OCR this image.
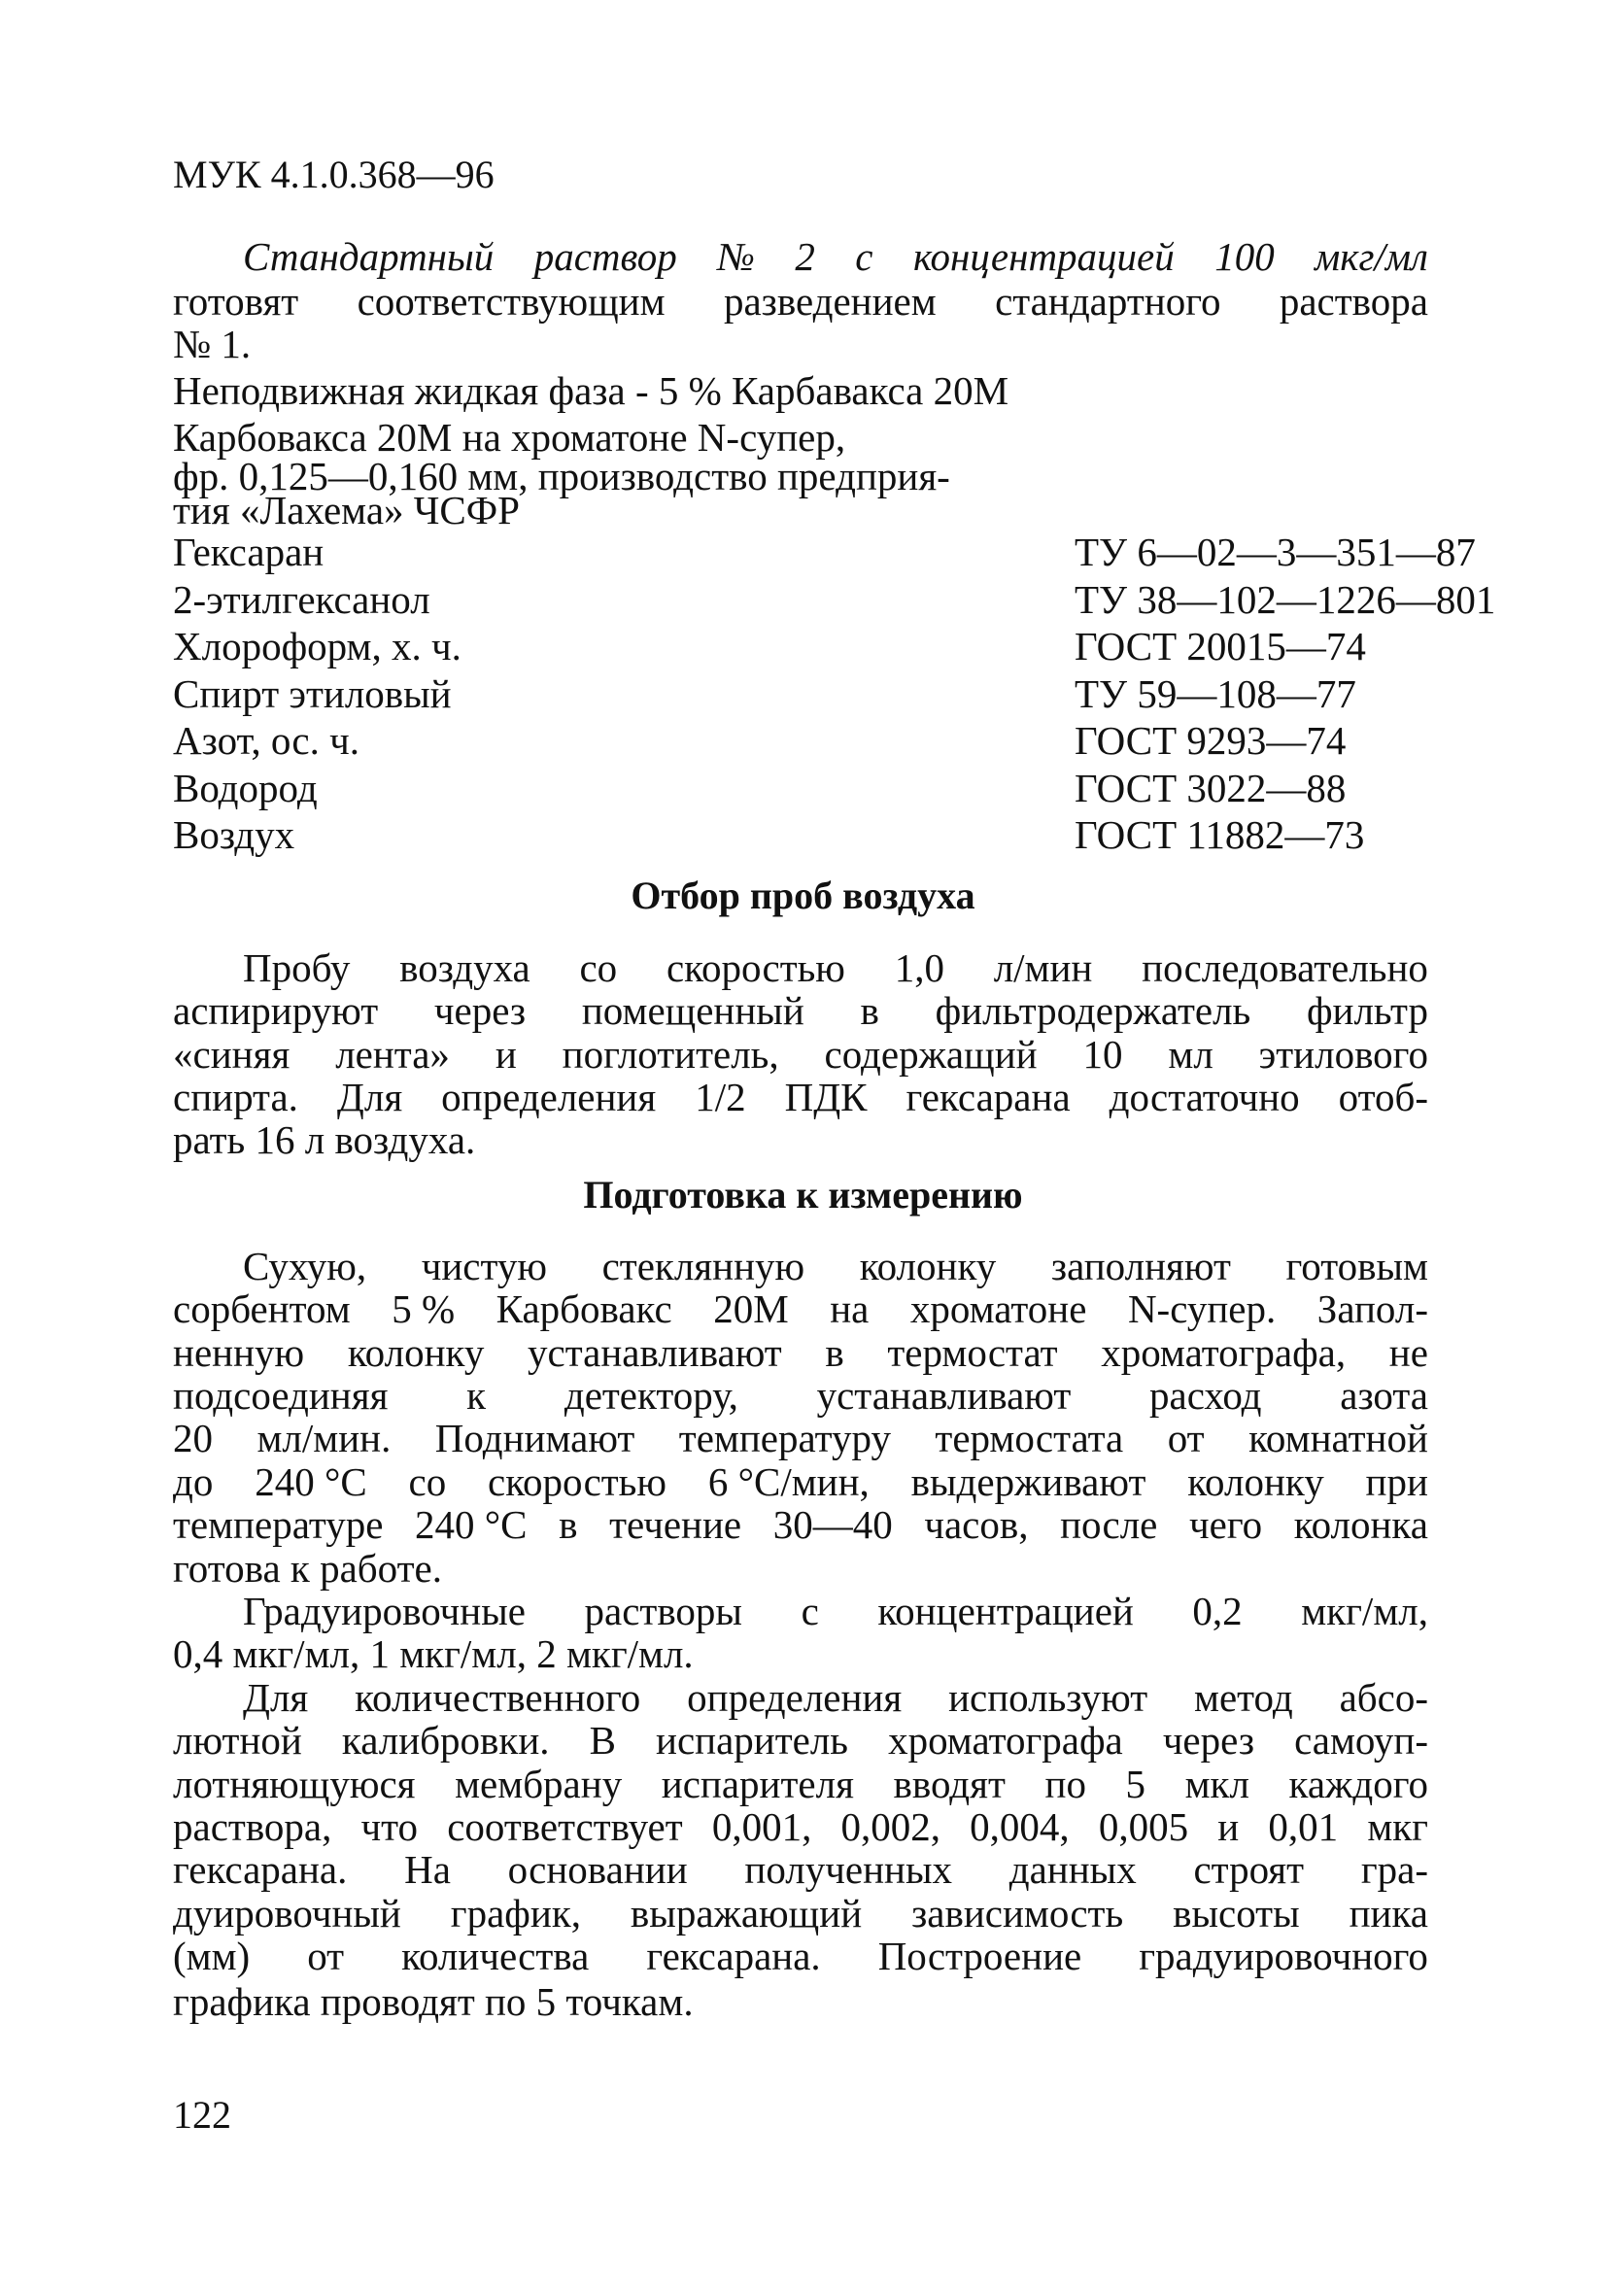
МУК 4.1.0.368—96
Стандартный раствор № 2 с концентрацией 100 мкг/мл
готовят соответствующим разведением стандартного раствора
№ 1.
Неподвижная жидкая фаза - 5 % Карбавакса 20М
Карбовакса 20М на хроматоне N-супер,
фр. 0,125—0,160 мм, производство предприя-
тия «Лахема» ЧСФР
Гексаран	ТУ 6—02—3—351—87
2-этилгексанол	ТУ 38—102—1226—801
Хлороформ, х. ч.	ГОСТ 20015—74
Спирт этиловый	ТУ 59—108—77
Азот, ос. ч.	ГОСТ 9293—74
Водород	ГОСТ 3022—88
Воздух	ГОСТ 11882—73
Отбор проб воздуха
Пробу воздуха со скоростью 1,0 л/мин последовательно
аспирируют через помещенный в фильтродержатель фильтр
«синяя лента» и поглотитель, содержащий 10 мл этилового
спирта. Для определения 1/2 ПДК гексарана достаточно отоб-
рать 16 л воздуха.
Подготовка к измерению
Сухую, чистую стеклянную колонку заполняют готовым
сорбентом 5 % Карбовакс 20М на хроматоне N-супер. Запол-
ненную колонку устанавливают в термостат хроматографа, не
подсоединяя к детектору, устанавливают расход азота
20 мл/мин. Поднимают температуру термостата от комнатной
до 240 °С со скоростью 6 °С/мин, выдерживают колонку при
температуре 240 °С в течение 30—40 часов, после чего колонка
готова к работе.
Градуировочные растворы с концентрацией 0,2 мкг/мл,
0,4 мкг/мл, 1 мкг/мл, 2 мкг/мл.
Для количественного определения используют метод абсо-
лютной калибровки. В испаритель хроматографа через самоуп-
лотняющуюся мембрану испарителя вводят по 5 мкл каждого
раствора, что соответствует 0,001, 0,002, 0,004, 0,005 и 0,01 мкг
гексарана. На основании полученных данных строят гра-
дуировочный график, выражающий зависимость высоты пика
(мм) от количества гексарана. Построение градуировочного
графика проводят по 5 точкам.
122
